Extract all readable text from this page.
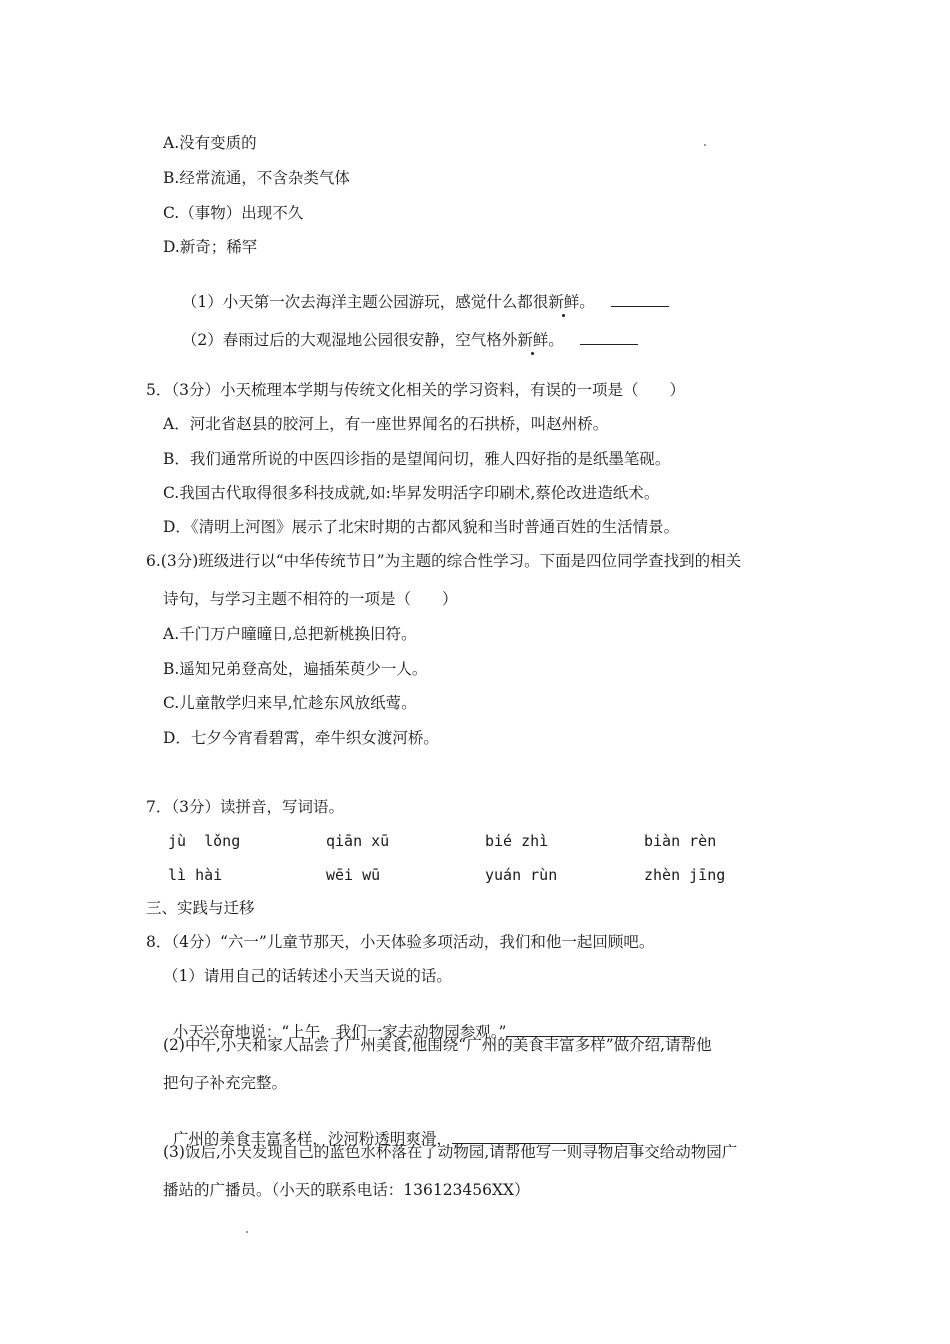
A.没有变质的
B.经常流通，不含杂类气体
C.（事物）出现不久
D.新奇；稀罕

（1）小天第一次去海洋主题公园游玩，感觉什么都很新鲜。

（2）春雨过后的大观湿地公园很安静，空气格外新鲜。

5．（3分）小天梳理本学期与传统文化相关的学习资料，有误的一项是（　　）
A．河北省赵县的胶河上，有一座世界闻名的石拱桥，叫赵州桥。
B．我们通常所说的中医四诊指的是望闻问切，雅人四好指的是纸墨笔砚。
C.我国古代取得很多科技成就,如:毕昇发明活字印刷术,蔡伦改进造纸术。
D．《清明上河图》展示了北宋时期的古都风貌和当时普通百姓的生活情景。
6.(3分)班级进行以“中华传统节日”为主题的综合性学习。下面是四位同学查找到的相关
诗句，与学习主题不相符的一项是（　　）
A.千门万户曈曈日,总把新桃换旧符。
B.遥知兄弟登高处，遍插茱萸少一人。
C.儿童散学归来早,忙趁东风放纸莺。
D．七夕今宵看碧霄，牵牛织女渡河桥。
7．（3分）读拼音，写词语。
jù  lǒng	qiān xū	bié zhì	biàn rèn
lì hài	wēi wū	yuán rùn	zhèn jīng
三、实践与迁移
8．（4分）“六一”儿童节那天，小天体验多项活动，我们和他一起回顾吧。
（1）请用自己的话转述小天当天说的话。

小天兴奋地说：“上午，我们一家去动物园参观。”

(2)中午,小天和家人品尝了广州美食,他围绕“广州的美食丰富多样”做介绍,请帮他
把句子补充完整。

广州的美食丰富多样，沙河粉透明爽滑，

(3)饭后,小天发现自己的蓝色水杯落在了动物园,请帮他写一则寻物启事交给动物园广
播站的广播员。（小天的联系电话：136123456XX）
